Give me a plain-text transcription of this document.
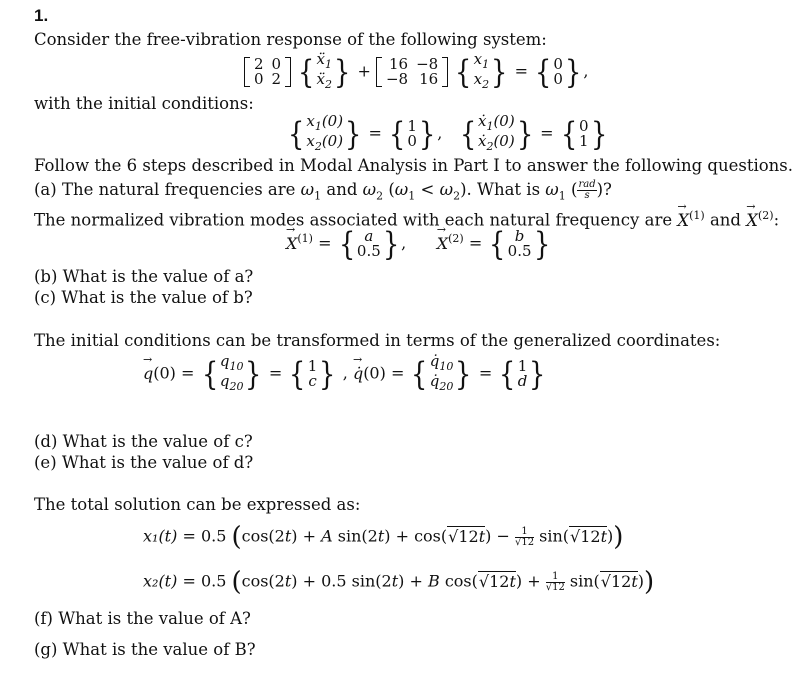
1.
Consider the free-vibration response of the following system:
2	0
0	2 { ẍ$_1$
ẍ$_2$} + 16	−8
−8	16 { $x_1$
$x_2$} = { 0
0} ,
with the initial conditions:
{ $x_1(0)$
$x_2(0)$} = { 1
0} ,   { ẋ$_1$(0)
ẋ$_2$(0)} = { 0
1}
Follow the 6 steps described in Modal Analysis in Part I to answer the following questions.
(a) The natural frequencies are $\omega_1$ and $\omega_2$ $(\omega_1 < \omega_2)$. What is $\omega_1$ ( $\frac{\text{rad}}{s}$ )?
The normalized vibration modes associated with each natural frequency are → $X^{(1)}$ and → $X^{(2)}$:
→ $X^{(1)}$ = { a
0.5} ,      → $X^{(2)}$ = { b
0.5}
(b) What is the value of a?
(c) What is the value of b?
The initial conditions can be transformed in terms of the generalized coordinates:
→ q(0) = { $q_{10}$
$q_{20}$} = { 1
c} , → q̇(0) = { $q̇_{10}$
$q̇_{20}$} = { 1
d}
(d) What is the value of c?
(e) What is the value of d?
The total solution can be expressed as:
x₁(t) = 0.5 (cos(2t) + A $\sin(2t) + \cos(√12t) - \frac{1}{√12} \sin(√12t)$)
x₂(t) = 0.5 (cos(2t) + 0.5 sin(2t) + B $\cos(√12t) + \frac{1}{√12} \sin(√12t)$)
(f) What is the value of A?
(g) What is the value of B?
